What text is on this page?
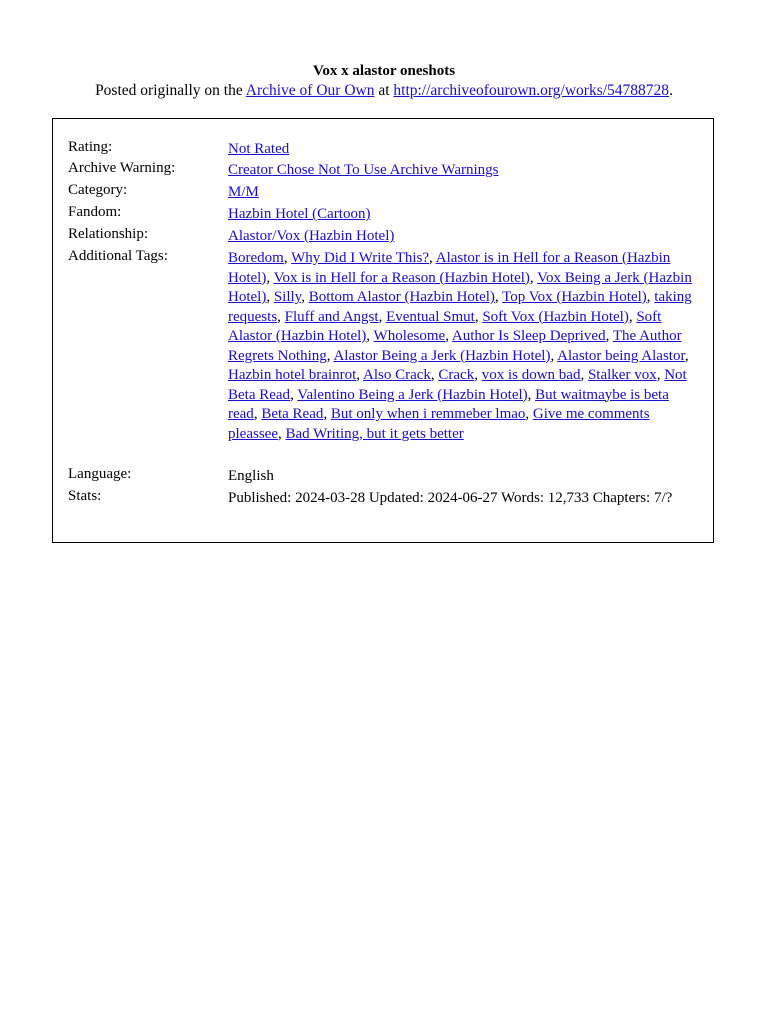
Vox x alastor oneshots
Posted originally on the Archive of Our Own at http://archiveofourown.org/works/54788728.
Rating:	Not Rated
Archive Warning:	Creator Chose Not To Use Archive Warnings
Category:	M/M
Fandom:	Hazbin Hotel (Cartoon)
Relationship:	Alastor/Vox (Hazbin Hotel)
Additional Tags:	Boredom, Why Did I Write This?, Alastor is in Hell for a Reason (Hazbin Hotel), Vox is in Hell for a Reason (Hazbin Hotel), Vox Being a Jerk (Hazbin Hotel), Silly, Bottom Alastor (Hazbin Hotel), Top Vox (Hazbin Hotel), taking requests, Fluff and Angst, Eventual Smut, Soft Vox (Hazbin Hotel), Soft Alastor (Hazbin Hotel), Wholesome, Author Is Sleep Deprived, The Author Regrets Nothing, Alastor Being a Jerk (Hazbin Hotel), Alastor being Alastor, Hazbin hotel brainrot, Also Crack, Crack, vox is down bad, Stalker vox, Not Beta Read, Valentino Being a Jerk (Hazbin Hotel), But waitmaybe is beta read, Beta Read, But only when i remmeber lmao, Give me comments pleassee, Bad Writing, but it gets better
Language:	English
Stats:	Published: 2024-03-28 Updated: 2024-06-27 Words: 12,733 Chapters: 7/?
